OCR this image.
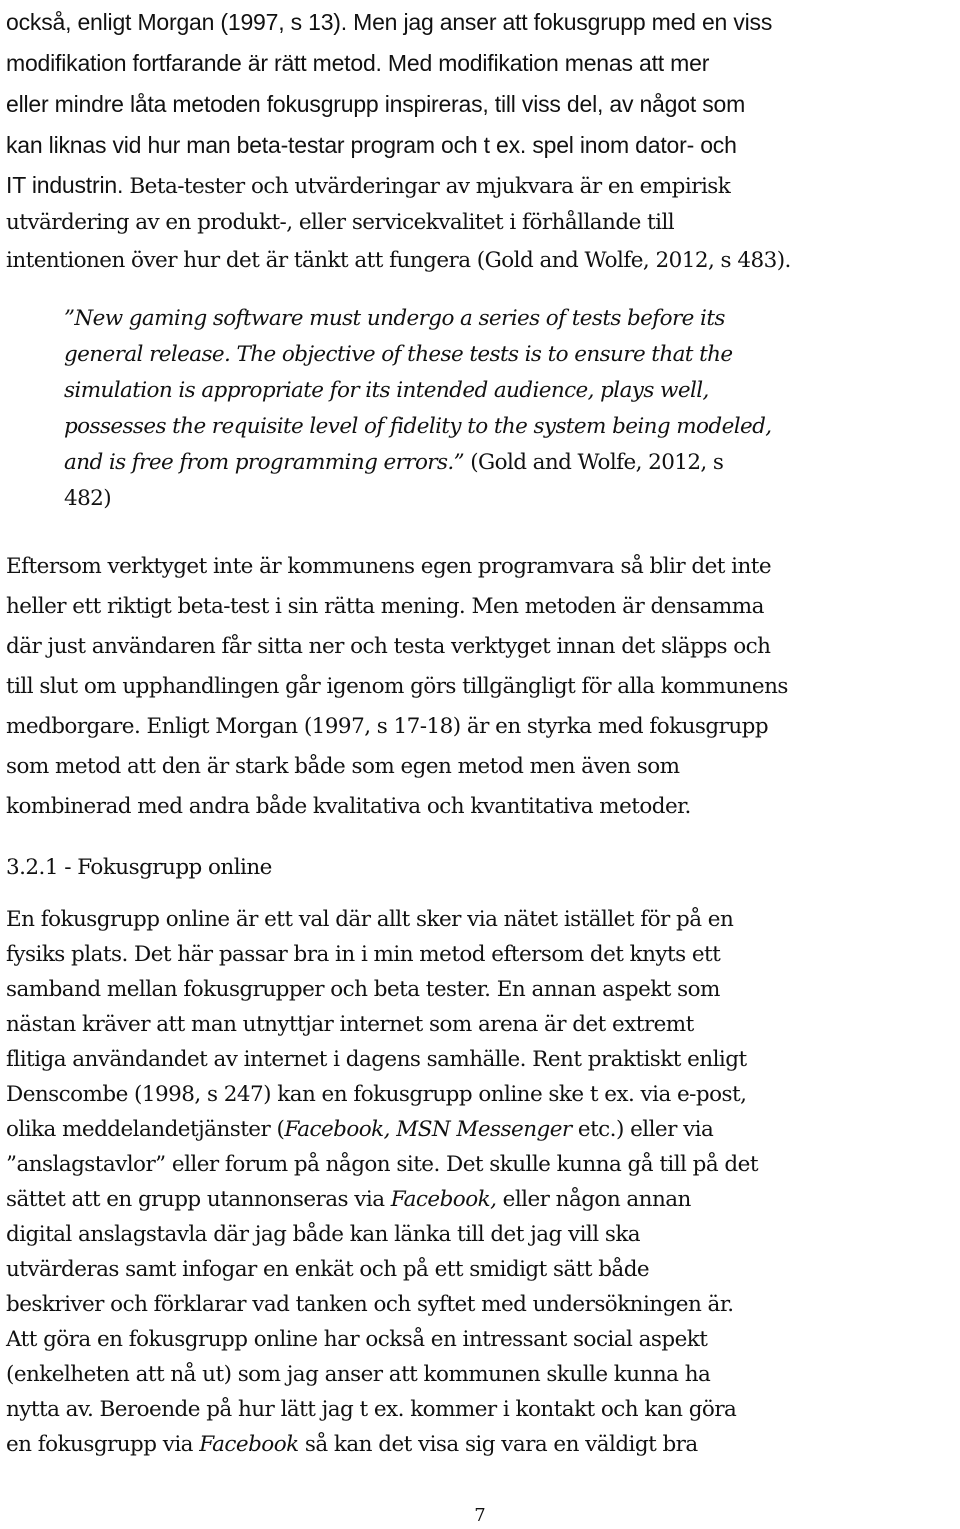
7
också, enligt Morgan (1997, s 13). Men jag anser att fokusgrupp med en viss
modifikation fortfarande är rätt metod. Med modifikation menas att mer
eller mindre låta metoden fokusgrupp inspireras, till viss del, av något som
kan liknas vid hur man beta-testar program och t ex. spel inom dator- och
IT industrin. Beta-tester och utvärderingar av mjukvara är en empirisk
utvärdering av en produkt-, eller servicekvalitet i förhållande till
intentionen över hur det är tänkt att fungera (Gold and Wolfe, 2012, s 483).
”New gaming software must undergo a series of tests before its
general release. The objective of these tests is to ensure that the
simulation is appropriate for its intended audience, plays well,
possesses the requisite level of fidelity to the system being modeled,
and is free from programming errors.” (Gold and Wolfe, 2012, s
482)
Eftersom verktyget inte är kommunens egen programvara så blir det inte
heller ett riktigt beta-test i sin rätta mening. Men metoden är densamma
där just användaren får sitta ner och testa verktyget innan det släpps och
till slut om upphandlingen går igenom görs tillgängligt för alla kommunens
medborgare. Enligt Morgan (1997, s 17-18) är en styrka med fokusgrupp
som metod att den är stark både som egen metod men även som
kombinerad med andra både kvalitativa och kvantitativa metoder.
3.2.1 - Fokusgrupp online
En fokusgrupp online är ett val där allt sker via nätet istället för på en
fysiks plats. Det här passar bra in i min metod eftersom det knyts ett
samband mellan fokusgrupper och beta tester. En annan aspekt som
nästan kräver att man utnyttjar internet som arena är det extremt
flitiga användandet av internet i dagens samhälle. Rent praktiskt enligt
Denscombe (1998, s 247) kan en fokusgrupp online ske t ex. via e-post,
olika meddelandetjänster (Facebook, MSN Messenger etc.) eller via
”anslagstavlor” eller forum på någon site. Det skulle kunna gå till på det
sättet att en grupp utannonseras via Facebook, eller någon annan
digital anslagstavla där jag både kan länka till det jag vill ska
utvärderas samt infogar en enkät och på ett smidigt sätt både
beskriver och förklarar vad tanken och syftet med undersökningen är.
Att göra en fokusgrupp online har också en intressant social aspekt
(enkelheten att nå ut) som jag anser att kommunen skulle kunna ha
nytta av. Beroende på hur lätt jag t ex. kommer i kontakt och kan göra
en fokusgrupp via Facebook så kan det visa sig vara en väldigt bra
